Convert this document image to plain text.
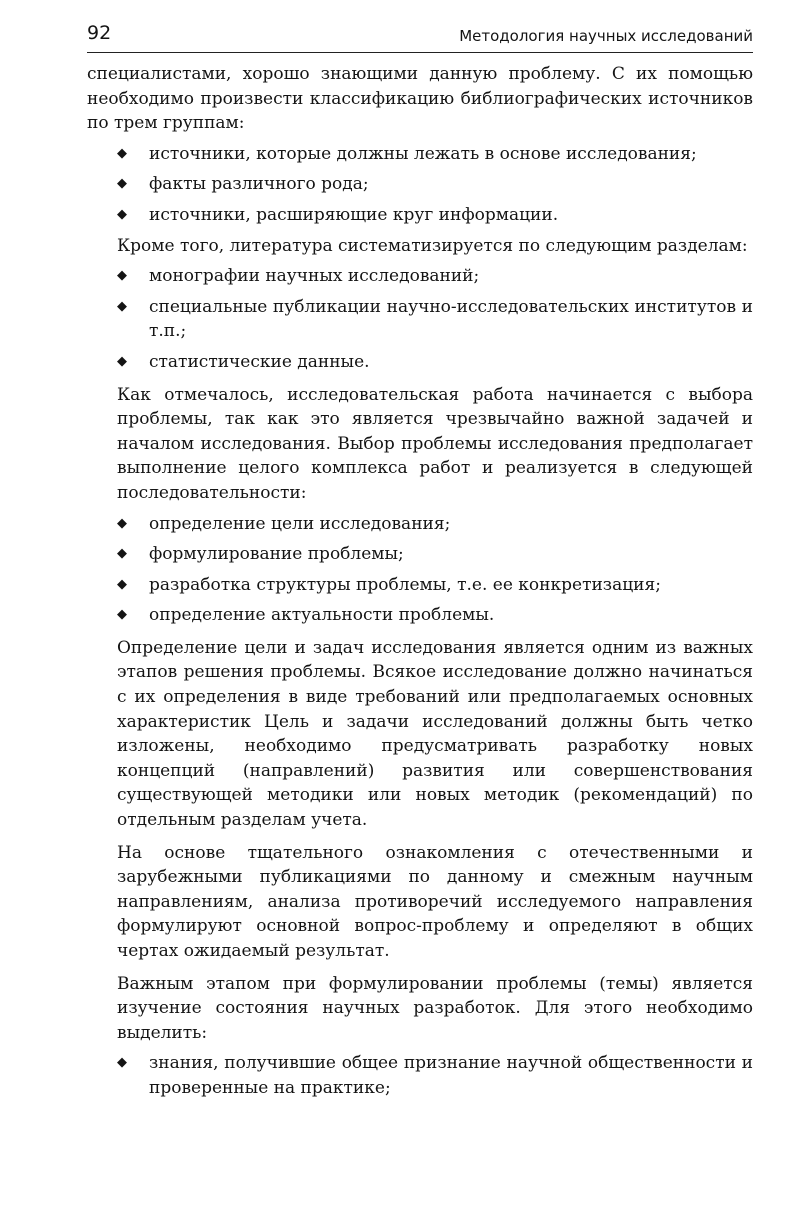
92	Методология научных исследований

специалистами, хорошо знающими данную проблему. С их помощью необходимо произвести классификацию библиографических источников по трем группам:

◆ источники, которые должны лежать в основе исследования;
◆ факты различного рода;
◆ источники, расширяющие круг информации.

Кроме того, литература систематизируется по следующим разделам:

◆ монографии научных исследований;
◆ специальные публикации научно-исследовательских институтов и т.п.;
◆ статистические данные.

Как отмечалось, исследовательская работа начинается с выбора проблемы, так как это является чрезвычайно важной задачей и началом исследования. Выбор проблемы исследования предполагает выполнение целого комплекса работ и реализуется в следующей последовательности:

◆ определение цели исследования;
◆ формулирование проблемы;
◆ разработка структуры проблемы, т.е. ее конкретизация;
◆ определение актуальности проблемы.

Определение цели и задач исследования является одним из важных этапов решения проблемы. Всякое исследование должно начинаться с их определения в виде требований или предполагаемых основных характеристик Цель и задачи исследований должны быть четко изложены, необходимо предусматривать разработку новых концепций (направлений) развития или совершенствования существующей методики или новых методик (рекомендаций) по отдельным разделам учета.

На основе тщательного ознакомления с отечественными и зарубежными публикациями по данному и смежным научным направлениям, анализа противоречий исследуемого направления формулируют основной вопрос-проблему и определяют в общих чертах ожидаемый результат.

Важным этапом при формулировании проблемы (темы) является изучение состояния научных разработок. Для этого необходимо выделить:

◆ знания, получившие общее признание научной общественности и проверенные на практике;
